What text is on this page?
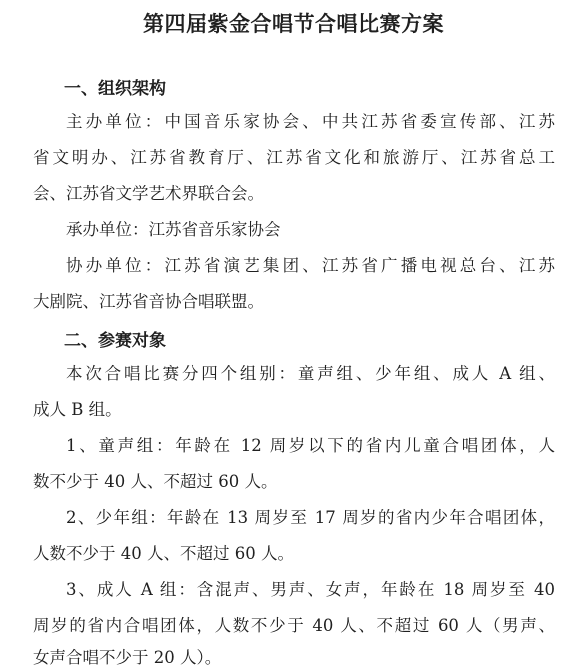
第四届紫金合唱节合唱比赛方案
一、组织架构
主办单位：中国音乐家协会、中共江苏省委宣传部、江苏
省文明办、江苏省教育厅、江苏省文化和旅游厅、江苏省总工
会、江苏省文学艺术界联合会。
承办单位：江苏省音乐家协会
协办单位：江苏省演艺集团、江苏省广播电视总台、江苏
大剧院、江苏省音协合唱联盟。
二、参赛对象
本次合唱比赛分四个组别：童声组、少年组、成人 A 组、
成人 B 组。
1、童声组：年龄在 12 周岁以下的省内儿童合唱团体，人
数不少于 40 人、不超过 60 人。
2、少年组：年龄在 13 周岁至 17 周岁的省内少年合唱团体，
人数不少于 40 人、不超过 60 人。
3、成人 A 组：含混声、男声、女声，年龄在 18 周岁至 40
周岁的省内合唱团体，人数不少于 40 人、不超过 60 人（男声、
女声合唱不少于 20 人）。
